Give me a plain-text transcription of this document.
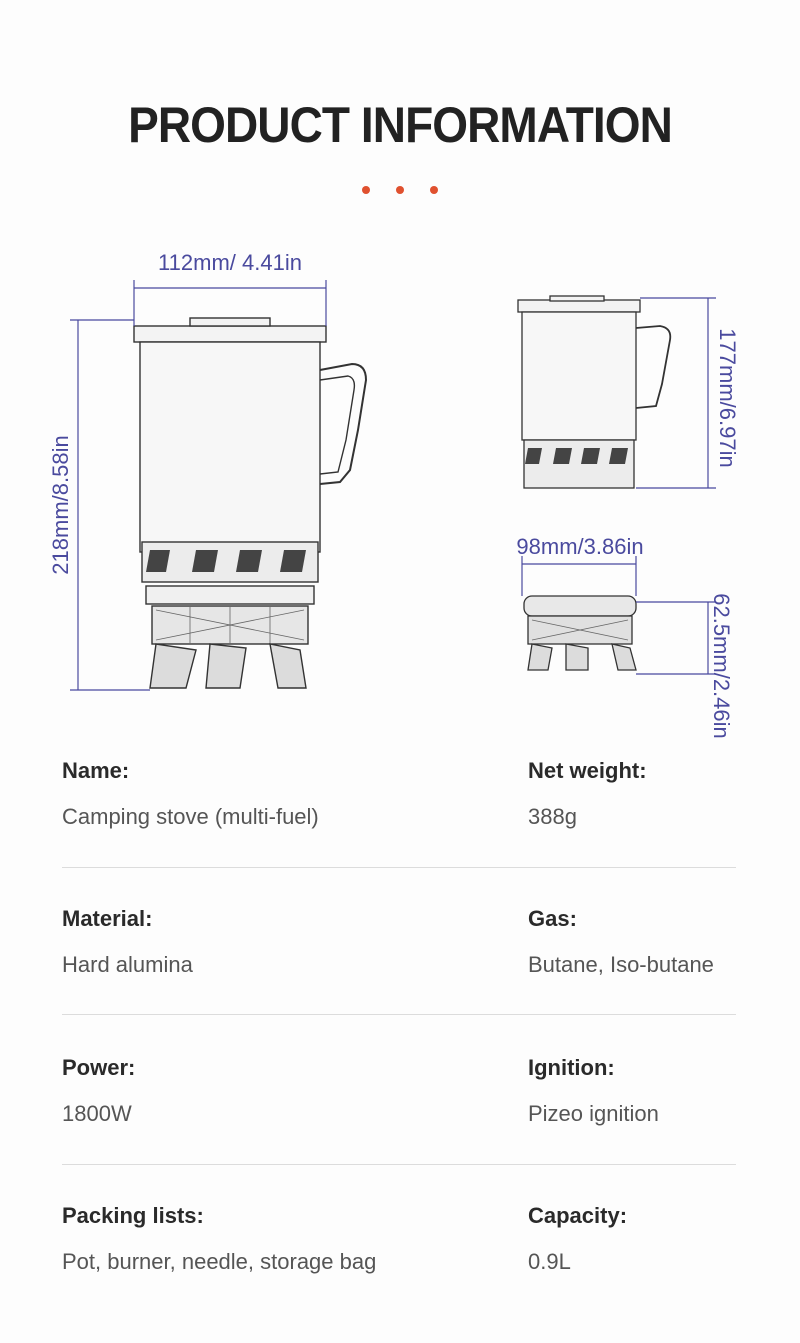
PRODUCT INFORMATION
112mm/ 4.41in
218mm/8.58in
177mm/6.97in
98mm/3.86in
62.5mm/2.46in
Name:
Camping stove (multi-fuel)
Net weight:
388g
Material:
Hard alumina
Gas:
Butane, Iso-butane
Power:
1800W
Ignition:
Pizeo ignition
Packing lists:
Pot, burner, needle, storage bag
Capacity:
0.9L
